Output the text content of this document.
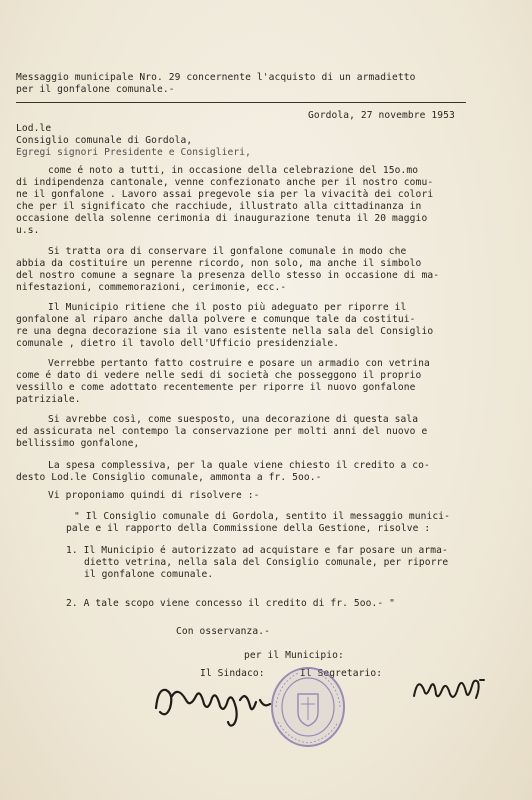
Messaggio municipale Nro. 29 concernente l'acquisto di un armadietto
per il gonfalone comunale.-
Gordola, 27 novembre 1953
Lod.le
Consiglio comunale di Gordola,
Egregi signori Presidente e Consiglieri,
come é noto a tutti, in occasione della celebrazione del 15o.mo
di indipendenza cantonale, venne confezionato anche per il nostro comu-
ne il gonfalone . Lavoro assai pregevole sia per la vivacità dei colori
che per il significato che racchiude, illustrato alla cittadinanza in
occasione della solenne cerimonia di inaugurazione tenuta il 20 maggio
u.s.
Si tratta ora di conservare il gonfalone comunale in modo che
abbia da costituire un perenne ricordo, non solo, ma anche il simbolo
del nostro comune a segnare la presenza dello stesso in occasione di ma-
nifestazioni, commemorazioni, cerimonie, ecc.-
Il Municipio ritiene che il posto più adeguato per riporre il
gonfalone al riparo anche dalla polvere e comunque tale da costitui-
re una degna decorazione sia il vano esistente nella sala del Consiglio
comunale , dietro il tavolo dell'Ufficio presidenziale.
Verrebbe pertanto fatto costruire e posare un armadio con vetrina
come é dato di vedere nelle sedi di società che posseggono il proprio
vessillo e come adottato recentemente per riporre il nuovo gonfalone
patriziale.
Si avrebbe così, come suesposto, una decorazione di questa sala
ed assicurata nel contempo la conservazione per molti anni del nuovo e
bellissimo gonfalone,
La spesa complessiva, per la quale viene chiesto il credito a co-
desto Lod.le Consiglio comunale, ammonta a fr. 5oo.-
Vi proponiamo quindi di risolvere :-
" Il Consiglio comunale di Gordola, sentito il messaggio munici-
pale e il rapporto della Commissione della Gestione, risolve :
1. Il Municipio é autorizzato ad acquistare e far posare un arma-
dietto vetrina, nella sala del Consiglio comunale, per riporre
il gonfalone comunale.
2. A tale scopo viene concesso il credito di fr. 5oo.- "
Con osservanza.-
per il Municipio:
Il Sindaco:      Il Segretario:
